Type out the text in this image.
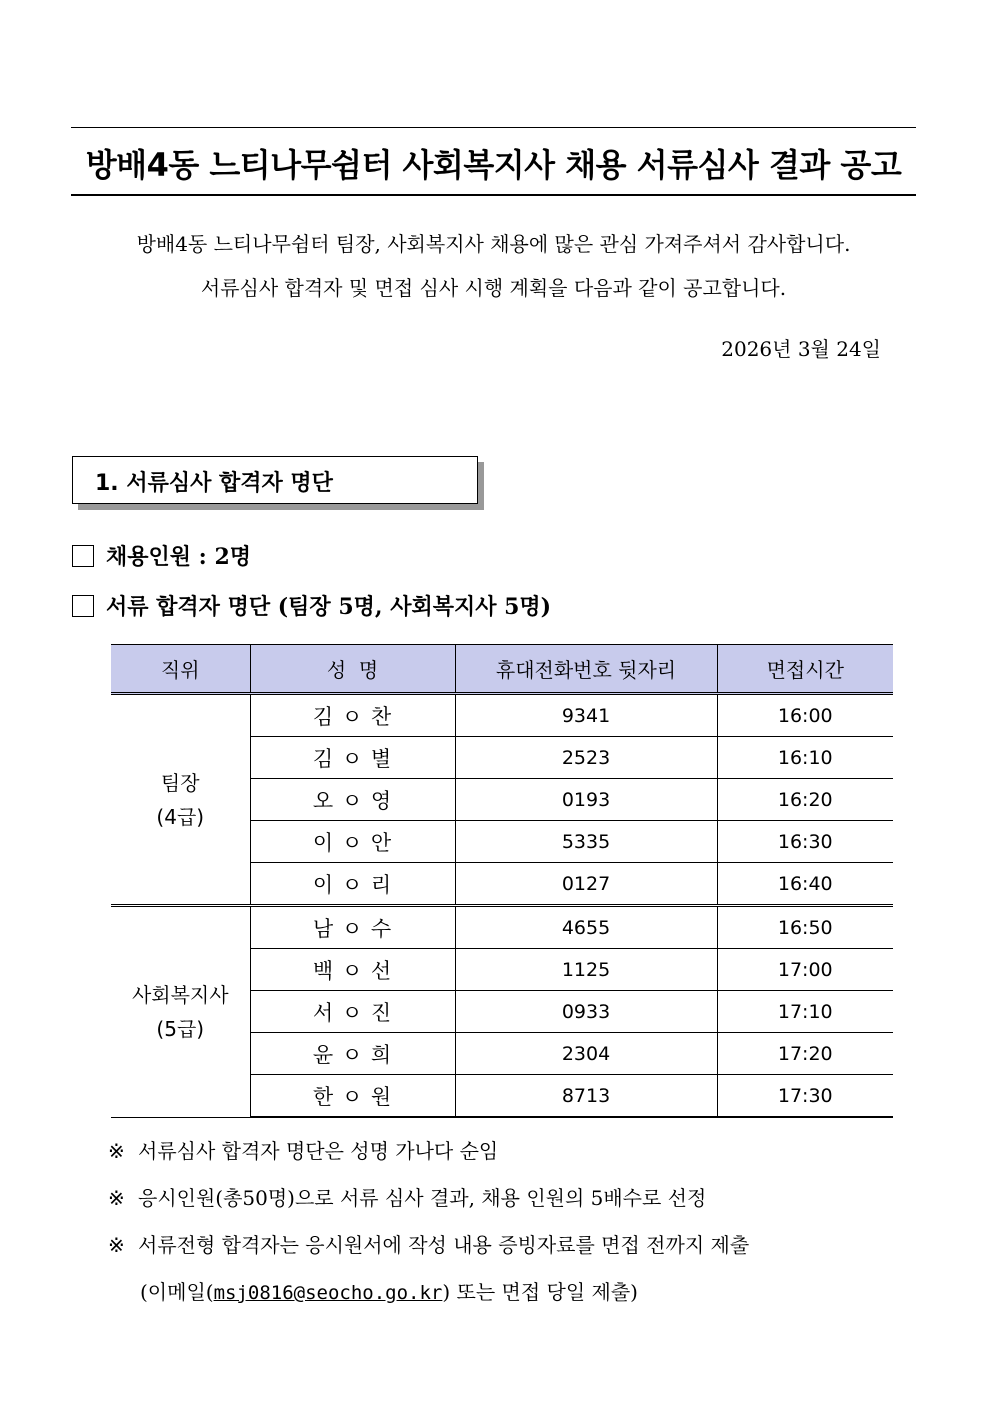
방배4동 느티나무쉼터 사회복지사 채용 서류심사 결과 공고
방배4동 느티나무쉼터 팀장, 사회복지사 채용에 많은 관심 가져주셔서 감사합니다.
서류심사 합격자 및 면접 심사 시행 계획을 다음과 같이 공고합니다.
2026년 3월 24일
1. 서류심사 합격자 명단
채용인원 : 2명
서류 합격자 명단 (팀장 5명, 사회복지사 5명)
직위	성  명	휴대전화번호 뒷자리	면접시간

팀장
(4급)	김 ㅇ 찬	9341	16:00
	김 ㅇ 별	2523	16:10
	오 ㅇ 영	0193	16:20
	이 ㅇ 안	5335	16:30
	이 ㅇ 리	0127	16:40

사회복지사
(5급)	남 ㅇ 수	4655	16:50
	백 ㅇ 선	1125	17:00
	서 ㅇ 진	0933	17:10
	윤 ㅇ 희	2304	17:20
	한 ㅇ 원	8713	17:30
※ 서류심사 합격자 명단은 성명 가나다 순임
※ 응시인원(총50명)으로 서류 심사 결과, 채용 인원의 5배수로 선정
※ 서류전형 합격자는 응시원서에 작성 내용 증빙자료를 면접 전까지 제출
(이메일(msj0816@seocho.go.kr) 또는 면접 당일 제출)
